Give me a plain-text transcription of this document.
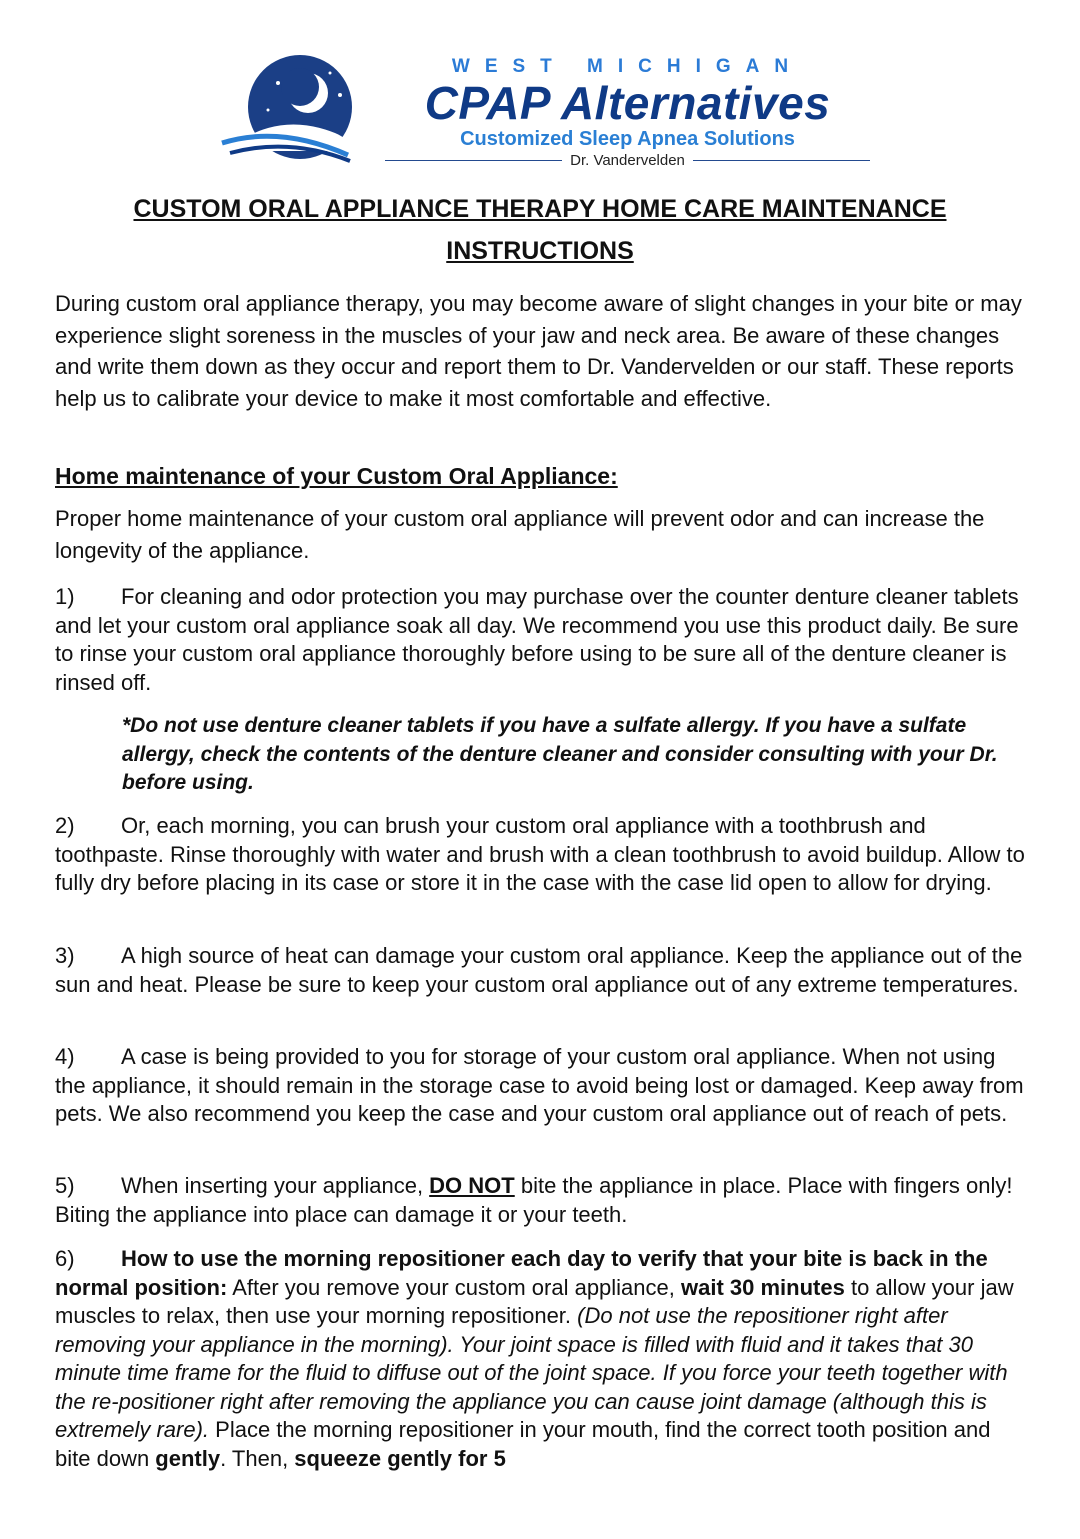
WEST MICHIGAN
CPAP Alternatives
Customized Sleep Apnea Solutions
Dr. Vandervelden
CUSTOM ORAL APPLIANCE THERAPY HOME CARE MAINTENANCE
INSTRUCTIONS
During custom oral appliance therapy, you may become aware of slight changes in your bite or may experience slight soreness in the muscles of your jaw and neck area. Be aware of these changes and write them down as they occur and report them to Dr. Vandervelden or our staff. These reports help us to calibrate your device to make it most comfortable and effective.
Home maintenance of your Custom Oral Appliance:
Proper home maintenance of your custom oral appliance will prevent odor and can increase the longevity of the appliance.
1) For cleaning and odor protection you may purchase over the counter denture cleaner tablets and let your custom oral appliance soak all day. We recommend you use this product daily. Be sure to rinse your custom oral appliance thoroughly before using to be sure all of the denture cleaner is rinsed off.
*Do not use denture cleaner tablets if you have a sulfate allergy. If you have a sulfate allergy, check the contents of the denture cleaner and consider consulting with your Dr. before using.
2) Or, each morning, you can brush your custom oral appliance with a toothbrush and toothpaste. Rinse thoroughly with water and brush with a clean toothbrush to avoid buildup. Allow to fully dry before placing in its case or store it in the case with the case lid open to allow for drying.
3) A high source of heat can damage your custom oral appliance. Keep the appliance out of the sun and heat. Please be sure to keep your custom oral appliance out of any extreme temperatures.
4) A case is being provided to you for storage of your custom oral appliance. When not using the appliance, it should remain in the storage case to avoid being lost or damaged. Keep away from pets. We also recommend you keep the case and your custom oral appliance out of reach of pets.
5) When inserting your appliance, DO NOT bite the appliance in place. Place with fingers only! Biting the appliance into place can damage it or your teeth.
6) How to use the morning repositioner each day to verify that your bite is back in the normal position: After you remove your custom oral appliance, wait 30 minutes to allow your jaw muscles to relax, then use your morning repositioner. (Do not use the repositioner right after removing your appliance in the morning). Your joint space is filled with fluid and it takes that 30 minute time frame for the fluid to diffuse out of the joint space. If you force your teeth together with the re-positioner right after removing the appliance you can cause joint damage (although this is extremely rare). Place the morning repositioner in your mouth, find the correct tooth position and bite down gently. Then, squeeze gently for 5
